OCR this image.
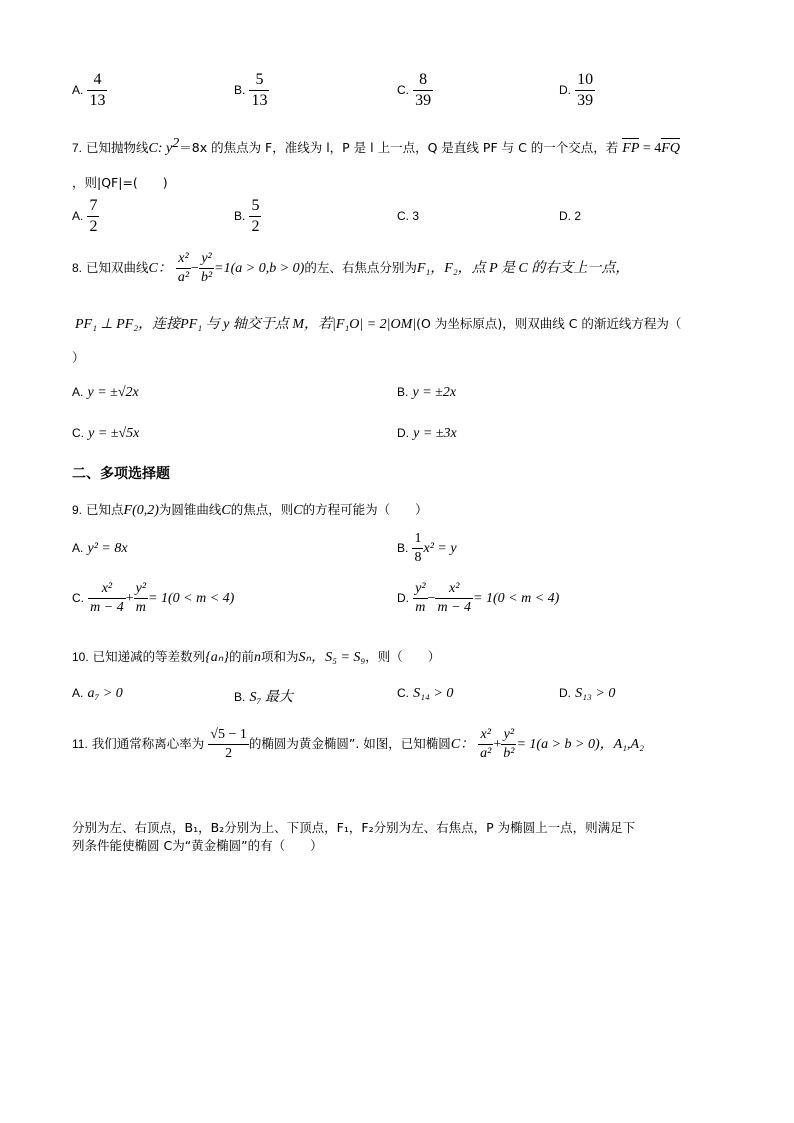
A. $\frac{4}{13}$	B. $\frac{5}{13}$	C. $\frac{8}{39}$	D. $\frac{10}{39}$
7. 已知抛物线C: $y^2=8x$ 的焦点为 F，准线为 l，P 是 l 上一点，Q 是直线 PF 与 C 的一个交点，若 FP = 4FQ
，则|QF|=(　　)
A. $\frac{7}{2}$	B. $\frac{5}{2}$	C. 3	D. 2
8. 已知双曲线C： $\frac{\text{x²}}{\text{a²}} - \frac{\text{y²}}{\text{b²}} =1(a > 0,b > 0)$的左、右焦点分别为F₁，F₂，点 P 是 C 的右支上一点，
PF₁ ⊥ PF₂，连接PF₁ 与 y 轴交于点 M，若|F₁O| = 2|OM|(O 为坐标原点)，则双曲线 C 的渐近线方程为（
）
A. y = ±√2x	B. y = ±2x
C. y = ±√5x	D. y = ±3x
二、多项选择题
9. 已知点F(0,2)为圆锥曲线C的焦点，则C的方程可能为（　　）
A. y² = 8x	B. $\frac{1}{8} x^2 = y$
C. $\frac{\text{x²}}{m - 4} + \frac{\text{y²}}{m} = 1(0 < m < 4)$	D. $\frac{\text{y²}}{m} - \frac{\text{x²}}{m - 4} = 1(0 < m < 4)$
10. 已知递减的等差数列{aₙ}的前n项和为Sₙ，S₅ = S₉，则（　　）
A. a₇ > 0	B. S₇ 最大	C. S₁₄ > 0	D. S₁₃ > 0
11. 我们通常称离心率为 $\frac{√5 - 1}{2}$ 的椭圆为黄金椭圆”. 如图，已知椭圆C： $\frac{\text{x²}}{\text{a²}} + \frac{\text{y²}}{\text{b²}} = 1(a > b > 0)$，A₁,A₂
分别为左、右顶点，B₁，B₂分别为上、下顶点，F₁，F₂分别为左、右焦点，P 为椭圆上一点，则满足下
列条件能使椭圆 C为“黄金椭圆”的有（　　）
